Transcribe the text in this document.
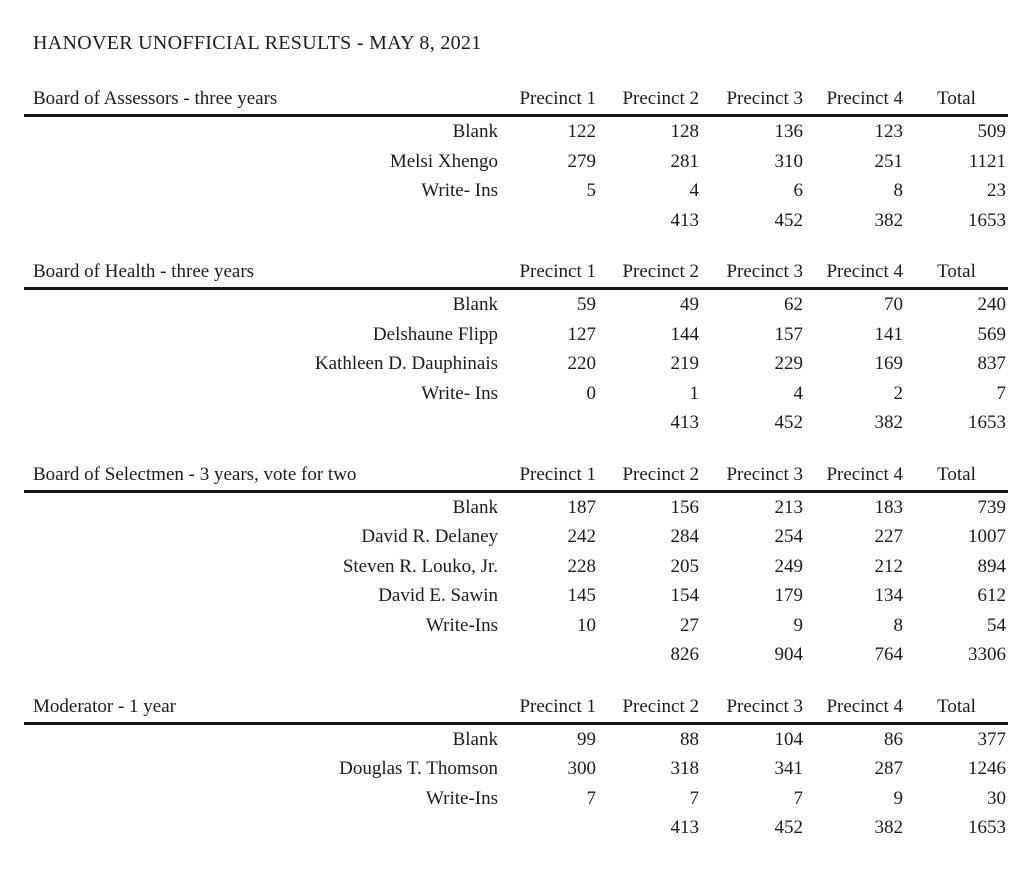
HANOVER UNOFFICIAL RESULTS - MAY 8, 2021
Board of Assessors - three years	Precinct 1	Precinct 2	Precinct 3	Precinct 4	Total
Blank	122	128	136	123	509
Melsi Xhengo	279	281	310	251	1121
Write- Ins	5	4	6	8	23
		413	452	382	1653
Board of Health - three years	Precinct 1	Precinct 2	Precinct 3	Precinct 4	Total
Blank	59	49	62	70	240
Delshaune Flipp	127	144	157	141	569
Kathleen D. Dauphinais	220	219	229	169	837
Write- Ins	0	1	4	2	7
		413	452	382	1653
Board of Selectmen - 3 years, vote for two	Precinct 1	Precinct 2	Precinct 3	Precinct 4	Total
Blank	187	156	213	183	739
David R. Delaney	242	284	254	227	1007
Steven R. Louko, Jr.	228	205	249	212	894
David E. Sawin	145	154	179	134	612
Write-Ins	10	27	9	8	54
		826	904	764	3306
Moderator - 1 year	Precinct 1	Precinct 2	Precinct 3	Precinct 4	Total
Blank	99	88	104	86	377
Douglas T. Thomson	300	318	341	287	1246
Write-Ins	7	7	7	9	30
		413	452	382	1653
